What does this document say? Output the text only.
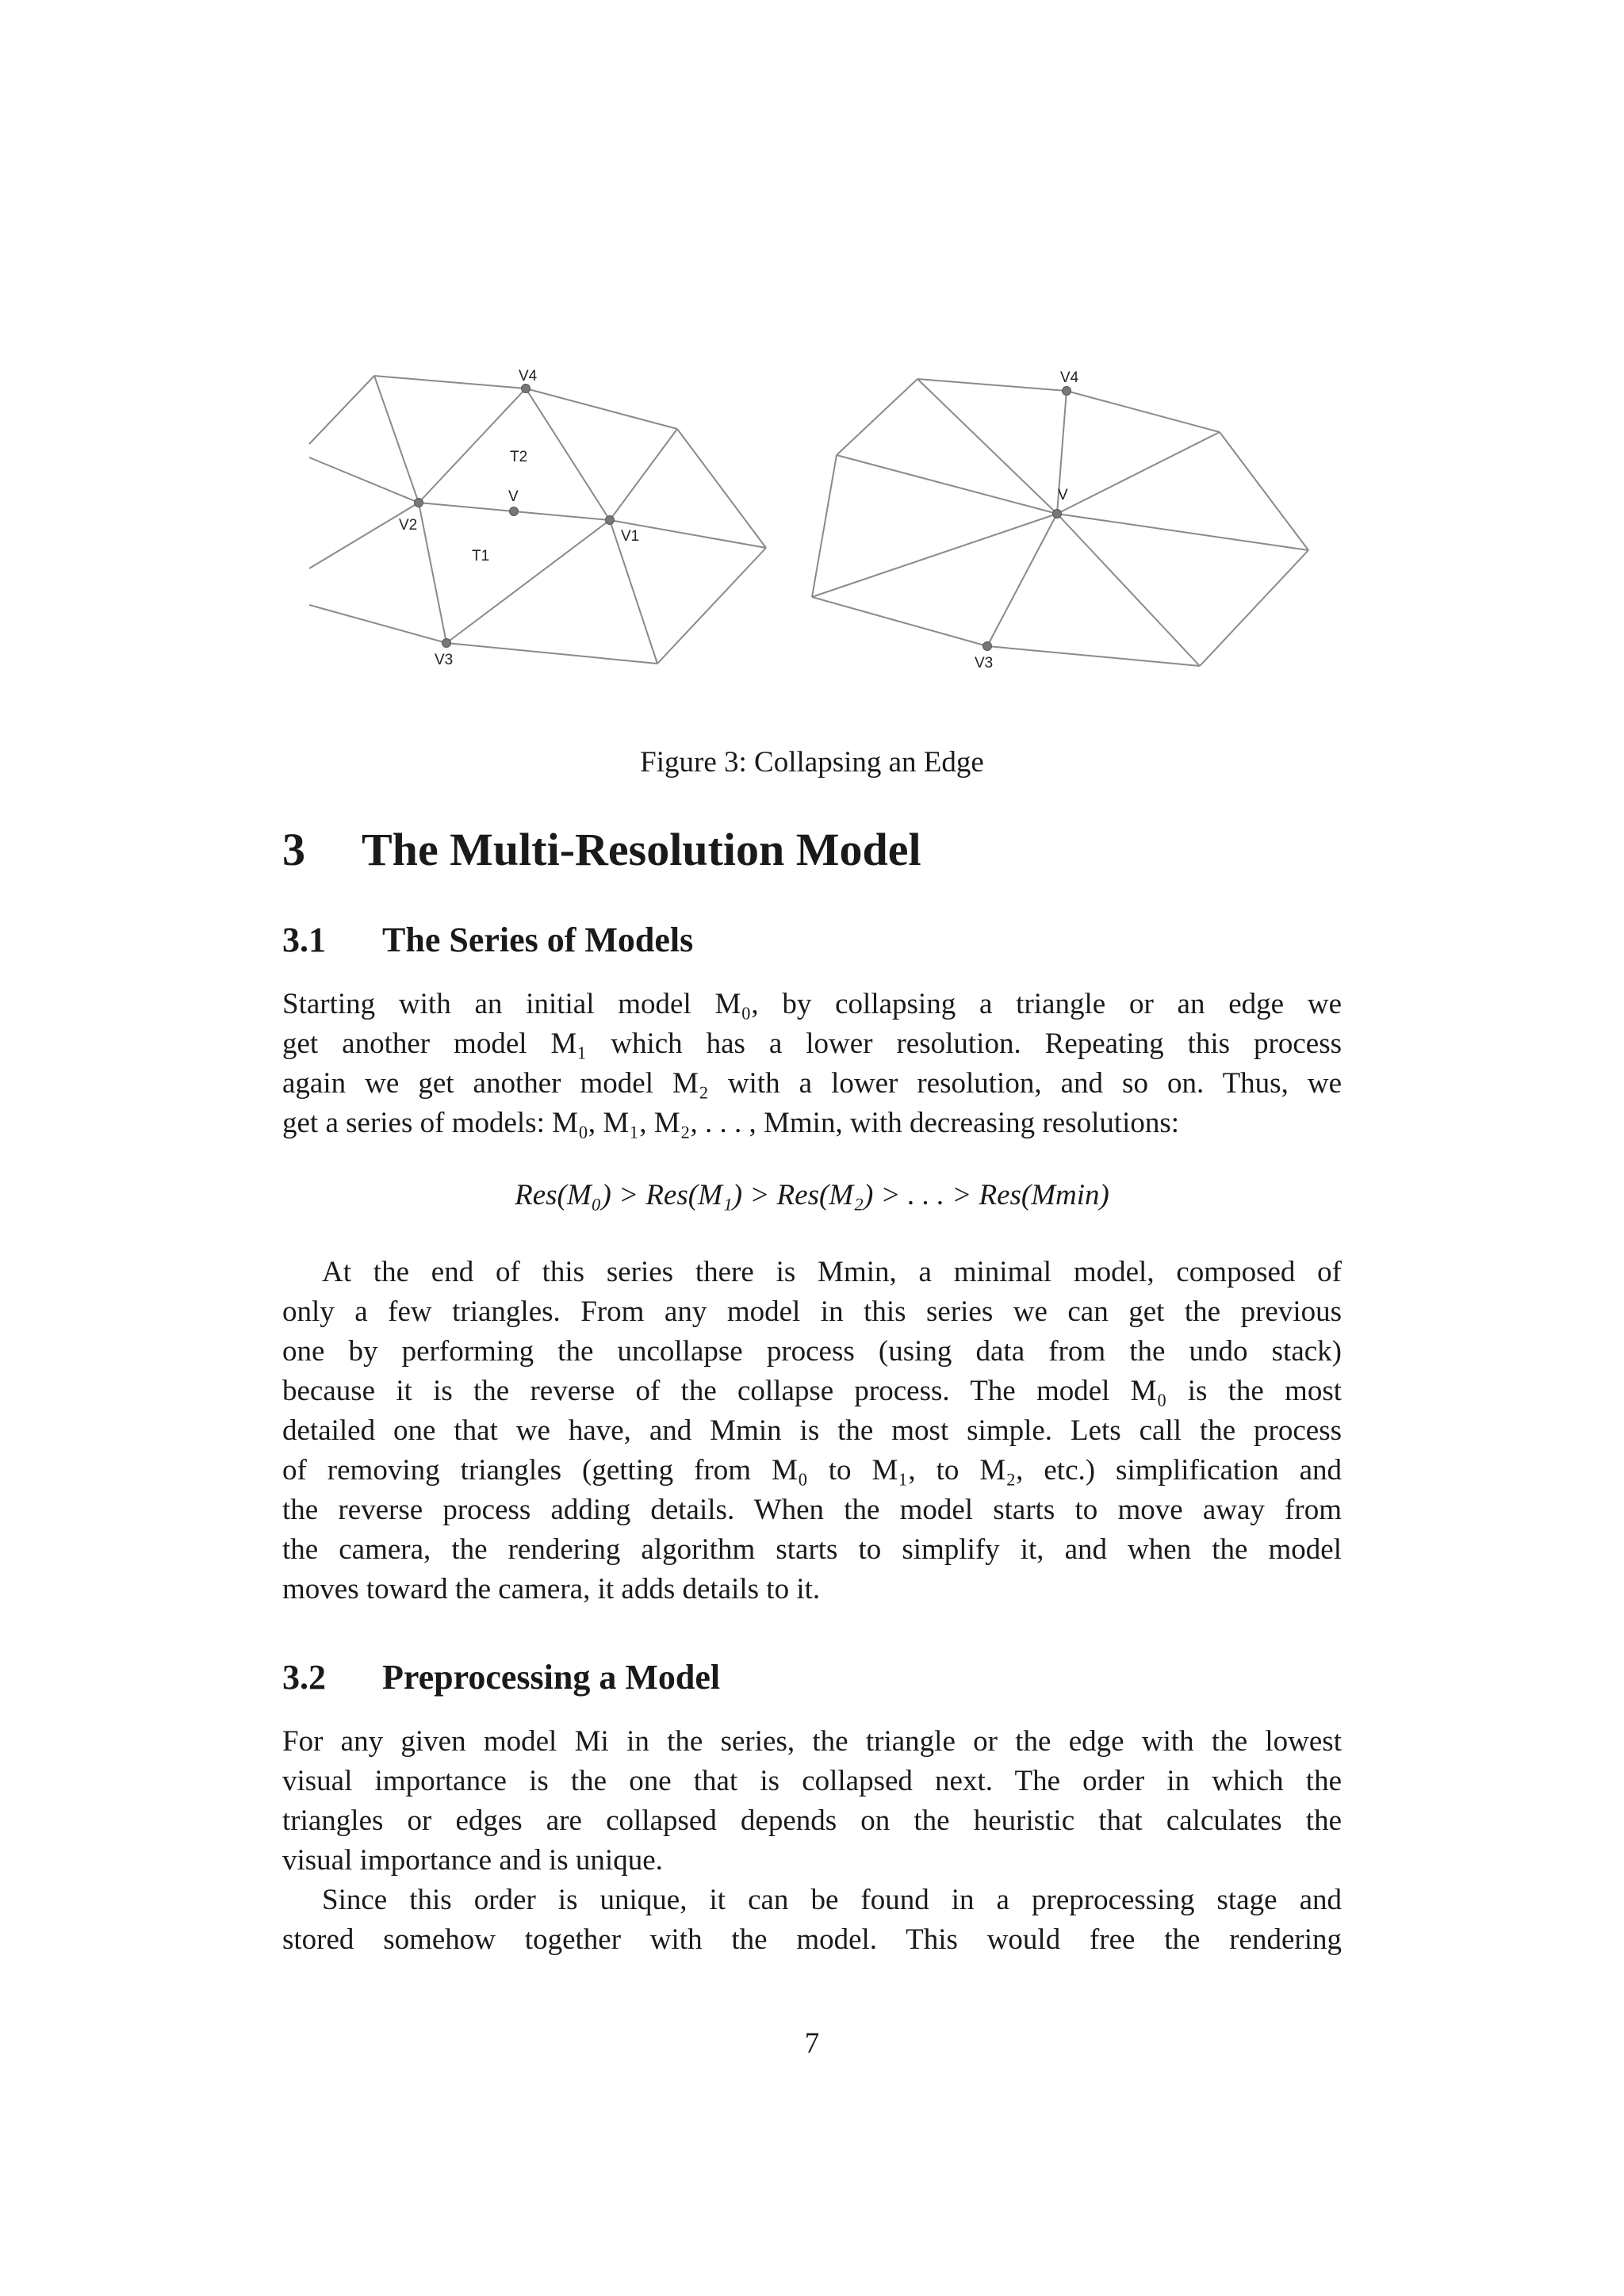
V4
T2
V
V2
V1
T1
V3
V4
V
V3
Figure 3: Collapsing an Edge
3 The Multi-Resolution Model
3.1 The Series of Models
Starting with an initial model M₀, by collapsing a triangle or an edge we
get another model M₁ which has a lower resolution. Repeating this process
again we get another model M₂ with a lower resolution, and so on. Thus, we
get a series of models: M₀, M₁, M₂, . . . , Mmin, with decreasing resolutions:
Res(M₀) > Res(M₁) > Res(M₂) > . . . > Res(Mmin)
At the end of this series there is Mmin, a minimal model, composed of
only a few triangles. From any model in this series we can get the previous
one by performing the uncollapse process (using data from the undo stack)
because it is the reverse of the collapse process. The model M₀ is the most
detailed one that we have, and Mmin is the most simple. Lets call the process
of removing triangles (getting from M₀ to M₁, to M₂, etc.) simplification and
the reverse process adding details. When the model starts to move away from
the camera, the rendering algorithm starts to simplify it, and when the model
moves toward the camera, it adds details to it.
3.2 Preprocessing a Model
For any given model Mi in the series, the triangle or the edge with the lowest
visual importance is the one that is collapsed next. The order in which the
triangles or edges are collapsed depends on the heuristic that calculates the
visual importance and is unique.
Since this order is unique, it can be found in a preprocessing stage and
stored somehow together with the model. This would free the rendering
7
